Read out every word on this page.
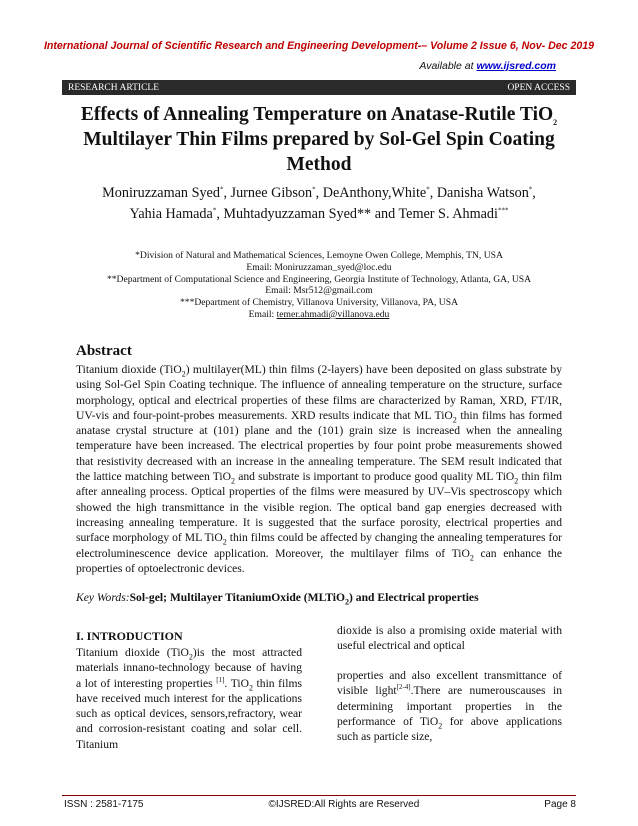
International Journal of Scientific Research and Engineering Development-– Volume 2 Issue 6, Nov- Dec 2019
Available at www.ijsred.com
RESEARCH ARTICLE	OPEN ACCESS
Effects of Annealing Temperature on Anatase-Rutile TiO$_2$
Multilayer Thin Films prepared by Sol-Gel Spin Coating Method
Moniruzzaman Syed*, Jurnee Gibson*, DeAnthony,White*, Danisha Watson*,
Yahia Hamada*, Muhtadyuzzaman Syed** and Temer S. Ahmadi***
*Division of Natural and Mathematical Sciences, Lemoyne Owen College, Memphis, TN, USA
Email: Moniruzzaman_syed@loc.edu
**Department of Computational Science and Engineering, Georgia Institute of Technology, Atlanta, GA, USA
Email: Msr512@gmail.com
***Department of Chemistry, Villanova University, Villanova, PA, USA
Email: temer.ahmadi@villanova.edu
Abstract
Titanium dioxide (TiO$_2$) multilayer(ML) thin films (2-layers) have been deposited on glass substrate by using Sol-Gel Spin Coating technique. The influence of annealing temperature on the structure, surface morphology, optical and electrical properties of these films are characterized by Raman, XRD, FT/IR, UV-vis and four-point-probes measurements. XRD results indicate that ML TiO$_2$ thin films has formed anatase crystal structure at (101) plane and the (101) grain size is increased when the annealing temperature have been increased. The electrical properties by four point probe measurements showed that resistivity decreased with an increase in the annealing temperature. The SEM result indicated that the lattice matching between TiO$_2$ and substrate is important to produce good quality ML TiO$_2$ thin film after annealing process. Optical properties of the films were measured by UV–Vis spectroscopy which showed the high transmittance in the visible region. The optical band gap energies decreased with increasing annealing temperature. It is suggested that the surface porosity, electrical properties and surface morphology of ML TiO$_2$ thin films could be affected by changing the annealing temperatures for electroluminescence device application. Moreover, the multilayer films of TiO$_2$ can enhance the properties of optoelectronic devices.
Key Words:Sol-gel; Multilayer TitaniumOxide (MLTiO$_2$) and Electrical properties
I. INTRODUCTION
Titanium dioxide (TiO$_2$)is the most attracted materials innano-technology because of having a lot of interesting properties [1]. TiO$_2$ thin films have received much interest for the applications such as optical devices, sensors,refractory, wear and corrosion-resistant coating and solar cell. Titanium
dioxide is also a promising oxide material with useful electrical and optical
properties and also excellent transmittance of visible light[2-4].There are numerouscauses in determining important properties in the performance of TiO$_2$ for above applications such as particle size,
ISSN : 2581-7175	©IJSRED:All Rights are Reserved	Page 8
